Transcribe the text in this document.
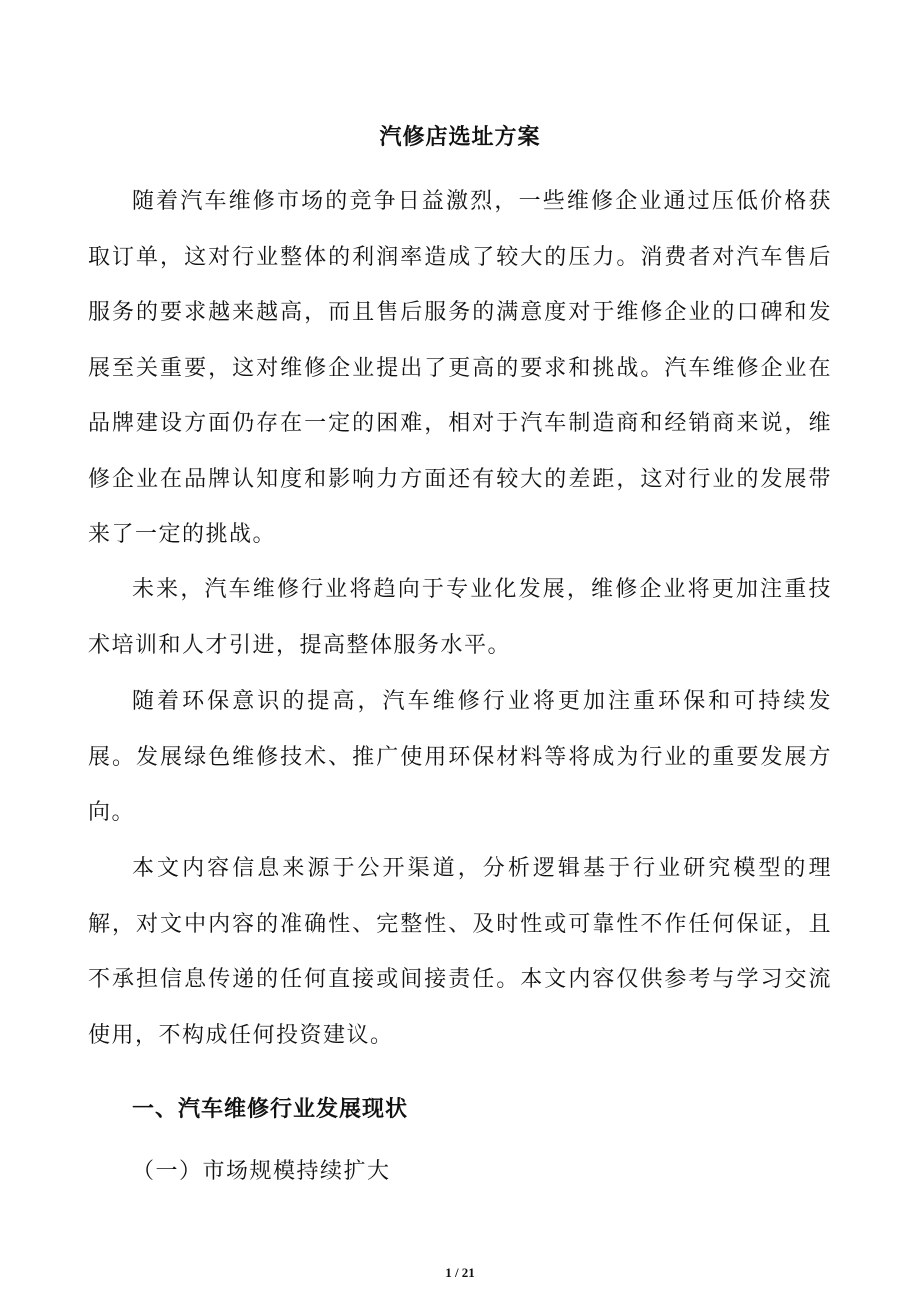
汽修店选址方案

随着汽车维修市场的竞争日益激烈，一些维修企业通过压低价格获取订单，这对行业整体的利润率造成了较大的压力。消费者对汽车售后服务的要求越来越高，而且售后服务的满意度对于维修企业的口碑和发展至关重要，这对维修企业提出了更高的要求和挑战。汽车维修企业在品牌建设方面仍存在一定的困难，相对于汽车制造商和经销商来说，维修企业在品牌认知度和影响力方面还有较大的差距，这对行业的发展带来了一定的挑战。

未来，汽车维修行业将趋向于专业化发展，维修企业将更加注重技术培训和人才引进，提高整体服务水平。

随着环保意识的提高，汽车维修行业将更加注重环保和可持续发展。发展绿色维修技术、推广使用环保材料等将成为行业的重要发展方向。

本文内容信息来源于公开渠道，分析逻辑基于行业研究模型的理解，对文中内容的准确性、完整性、及时性或可靠性不作任何保证，且不承担信息传递的任何直接或间接责任。本文内容仅供参考与学习交流使用，不构成任何投资建议。

一、汽车维修行业发展现状
（一）市场规模持续扩大
1 / 21
